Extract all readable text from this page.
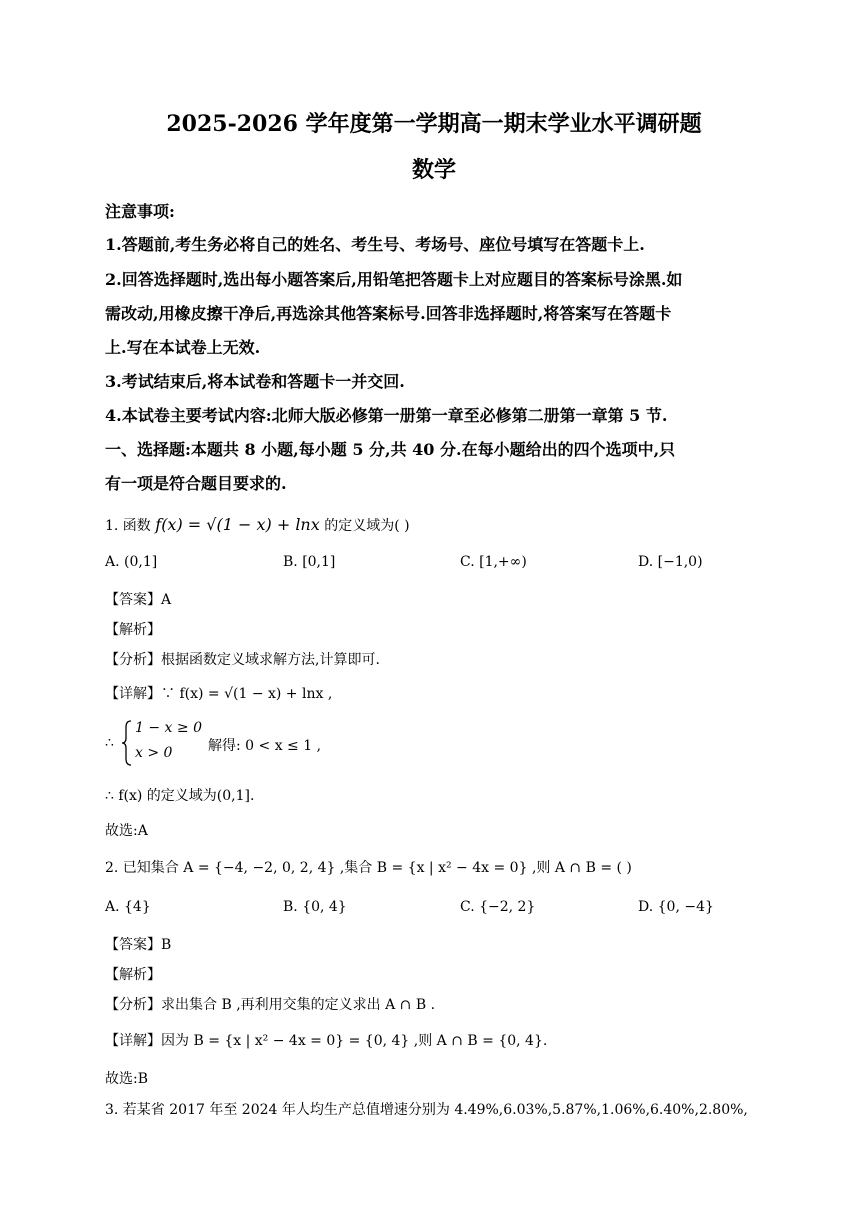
2025-2026 学年度第一学期高一期末学业水平调研题
数学
注意事项:
1.答题前,考生务必将自己的姓名、考生号、考场号、座位号填写在答题卡上.
2.回答选择题时,选出每小题答案后,用铅笔把答题卡上对应题目的答案标号涂黑.如
需改动,用橡皮擦干净后,再选涂其他答案标号.回答非选择题时,将答案写在答题卡
上.写在本试卷上无效.
3.考试结束后,将本试卷和答题卡一并交回.
4.本试卷主要考试内容:北师大版必修第一册第一章至必修第二册第一章第 5 节.
一、选择题:本题共 8 小题,每小题 5 分,共 40 分.在每小题给出的四个选项中,只
有一项是符合题目要求的.
1. 函数 f(x) = √(1 − x) + lnx 的定义域为( )
A. (0,1]	B. [0,1]	C. [1,+∞)	D. [−1,0)
【答案】A
【解析】
【分析】根据函数定义域求解方法,计算即可.
【详解】∵ f(x) = √(1 − x) + lnx ,
∴
1 − x ≥ 0
x > 0	解得: 0 < x ≤ 1 ,
∴ f(x) 的定义域为(0,1].
故选:A
2. 已知集合 A = {−4, −2, 0, 2, 4} ,集合 B = {x | x² − 4x = 0} ,则 A ∩ B = ( )
A. {4}	B. {0, 4}	C. {−2, 2}	D. {0, −4}
【答案】B
【解析】
【分析】求出集合 B ,再利用交集的定义求出 A ∩ B .
【详解】因为 B = {x | x² − 4x = 0} = {0, 4} ,则 A ∩ B = {0, 4}.
故选:B
3. 若某省 2017 年至 2024 年人均生产总值增速分别为 4.49%,6.03%,5.87%,1.06%,6.40%,2.80%,
